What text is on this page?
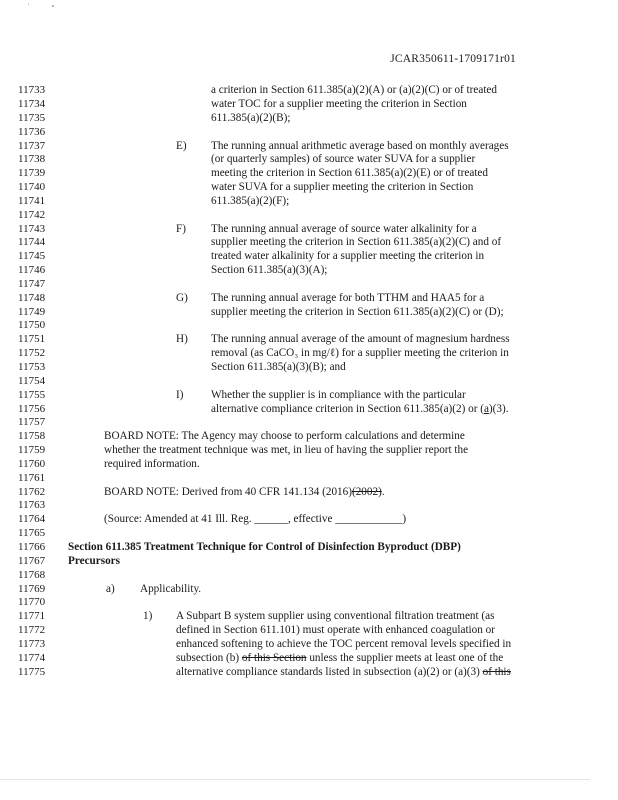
' •
JCAR350611-1709171r01
11733	a criterion in Section 611.385(a)(2)(A) or (a)(2)(C) or of treated
11734	water TOC for a supplier meeting the criterion in Section
11735	611.385(a)(2)(B);
11736
11737	E) The running annual arithmetic average based on monthly averages
11738	(or quarterly samples) of source water SUVA for a supplier
11739	meeting the criterion in Section 611.385(a)(2)(E) or of treated
11740	water SUVA for a supplier meeting the criterion in Section
11741	611.385(a)(2)(F);
11742
11743	F) The running annual average of source water alkalinity for a
11744	supplier meeting the criterion in Section 611.385(a)(2)(C) and of
11745	treated water alkalinity for a supplier meeting the criterion in
11746	Section 611.385(a)(3)(A);
11747
11748	G) The running annual average for both TTHM and HAA5 for a
11749	supplier meeting the criterion in Section 611.385(a)(2)(C) or (D);
11750
11751	H) The running annual average of the amount of magnesium hardness
11752	removal (as CaCO₃ in mg/ℓ) for a supplier meeting the criterion in
11753	Section 611.385(a)(3)(B); and
11754
11755	I) Whether the supplier is in compliance with the particular
11756	alternative compliance criterion in Section 611.385(a)(2) or (a)(3).
11757
11758	BOARD NOTE: The Agency may choose to perform calculations and determine
11759	whether the treatment technique was met, in lieu of having the supplier report the
11760	required information.
11761
11762	BOARD NOTE: Derived from 40 CFR 141.134 (2016)(2002).
11763
11764	(Source: Amended at 41 Ill. Reg. ______, effective ____________)
11765
11766	Section 611.385 Treatment Technique for Control of Disinfection Byproduct (DBP)
11767	Precursors
11768
11769	a) Applicability.
11770
11771	1) A Subpart B system supplier using conventional filtration treatment (as
11772	defined in Section 611.101) must operate with enhanced coagulation or
11773	enhanced softening to achieve the TOC percent removal levels specified in
11774	subsection (b) of this Section unless the supplier meets at least one of the
11775	alternative compliance standards listed in subsection (a)(2) or (a)(3) of this
